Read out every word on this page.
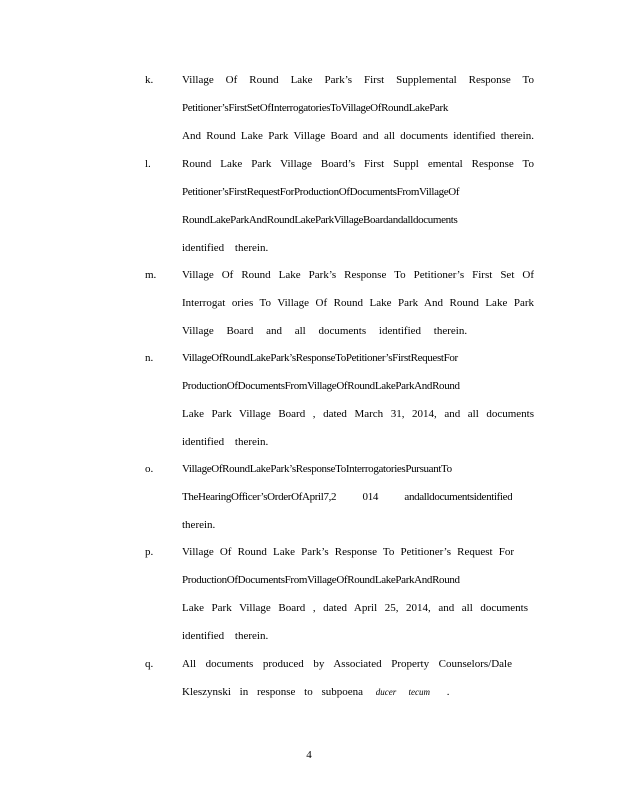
k.	Village Of Round Lake Park’s First Supplemental Response To
Petitioner’sFirstSetOfInterrogatoriesToVillageOfRoundLakePark
And Round Lake Park Village Board and all documents identified therein.
l.	Round Lake Park Village Board’s First Suppl emental Response To
Petitioner’sFirstRequestForProductionOfDocumentsFromVillageOf
RoundLakeParkAndRoundLakeParkVillageBoardandalldocuments
identified therein.
m. Village Of Round Lake Park’s Response To Petitioner’s First Set Of
Interrogat ories To Village Of Round Lake Park And Round Lake Park
Village Board and all documents identified therein.
n.	VillageOfRoundLakePark’sResponseToPetitioner’sFirstRequestFor
ProductionOfDocumentsFromVillageOfRoundLakeParkAndRound
Lake Park Village Board , dated March 31, 2014, and all documents
identified therein.
o.	VillageOfRoundLakePark’sResponseToInterrogatoriesPursuantTo
TheHearingOfficer’sOrderOfApril7,2 014 andalldocumentsidentified
therein.
p.	Village Of Round Lake Park’s Response To Petitioner’s Request For
ProductionOfDocumentsFromVillageOfRoundLakeParkAndRound
Lake Park Village Board , dated April 25, 2014, and all documents
identified therein.
q.	All documents produced by Associated Property Counselors/Dale
Kleszynski in response to subpoena ducer tecum .
4
